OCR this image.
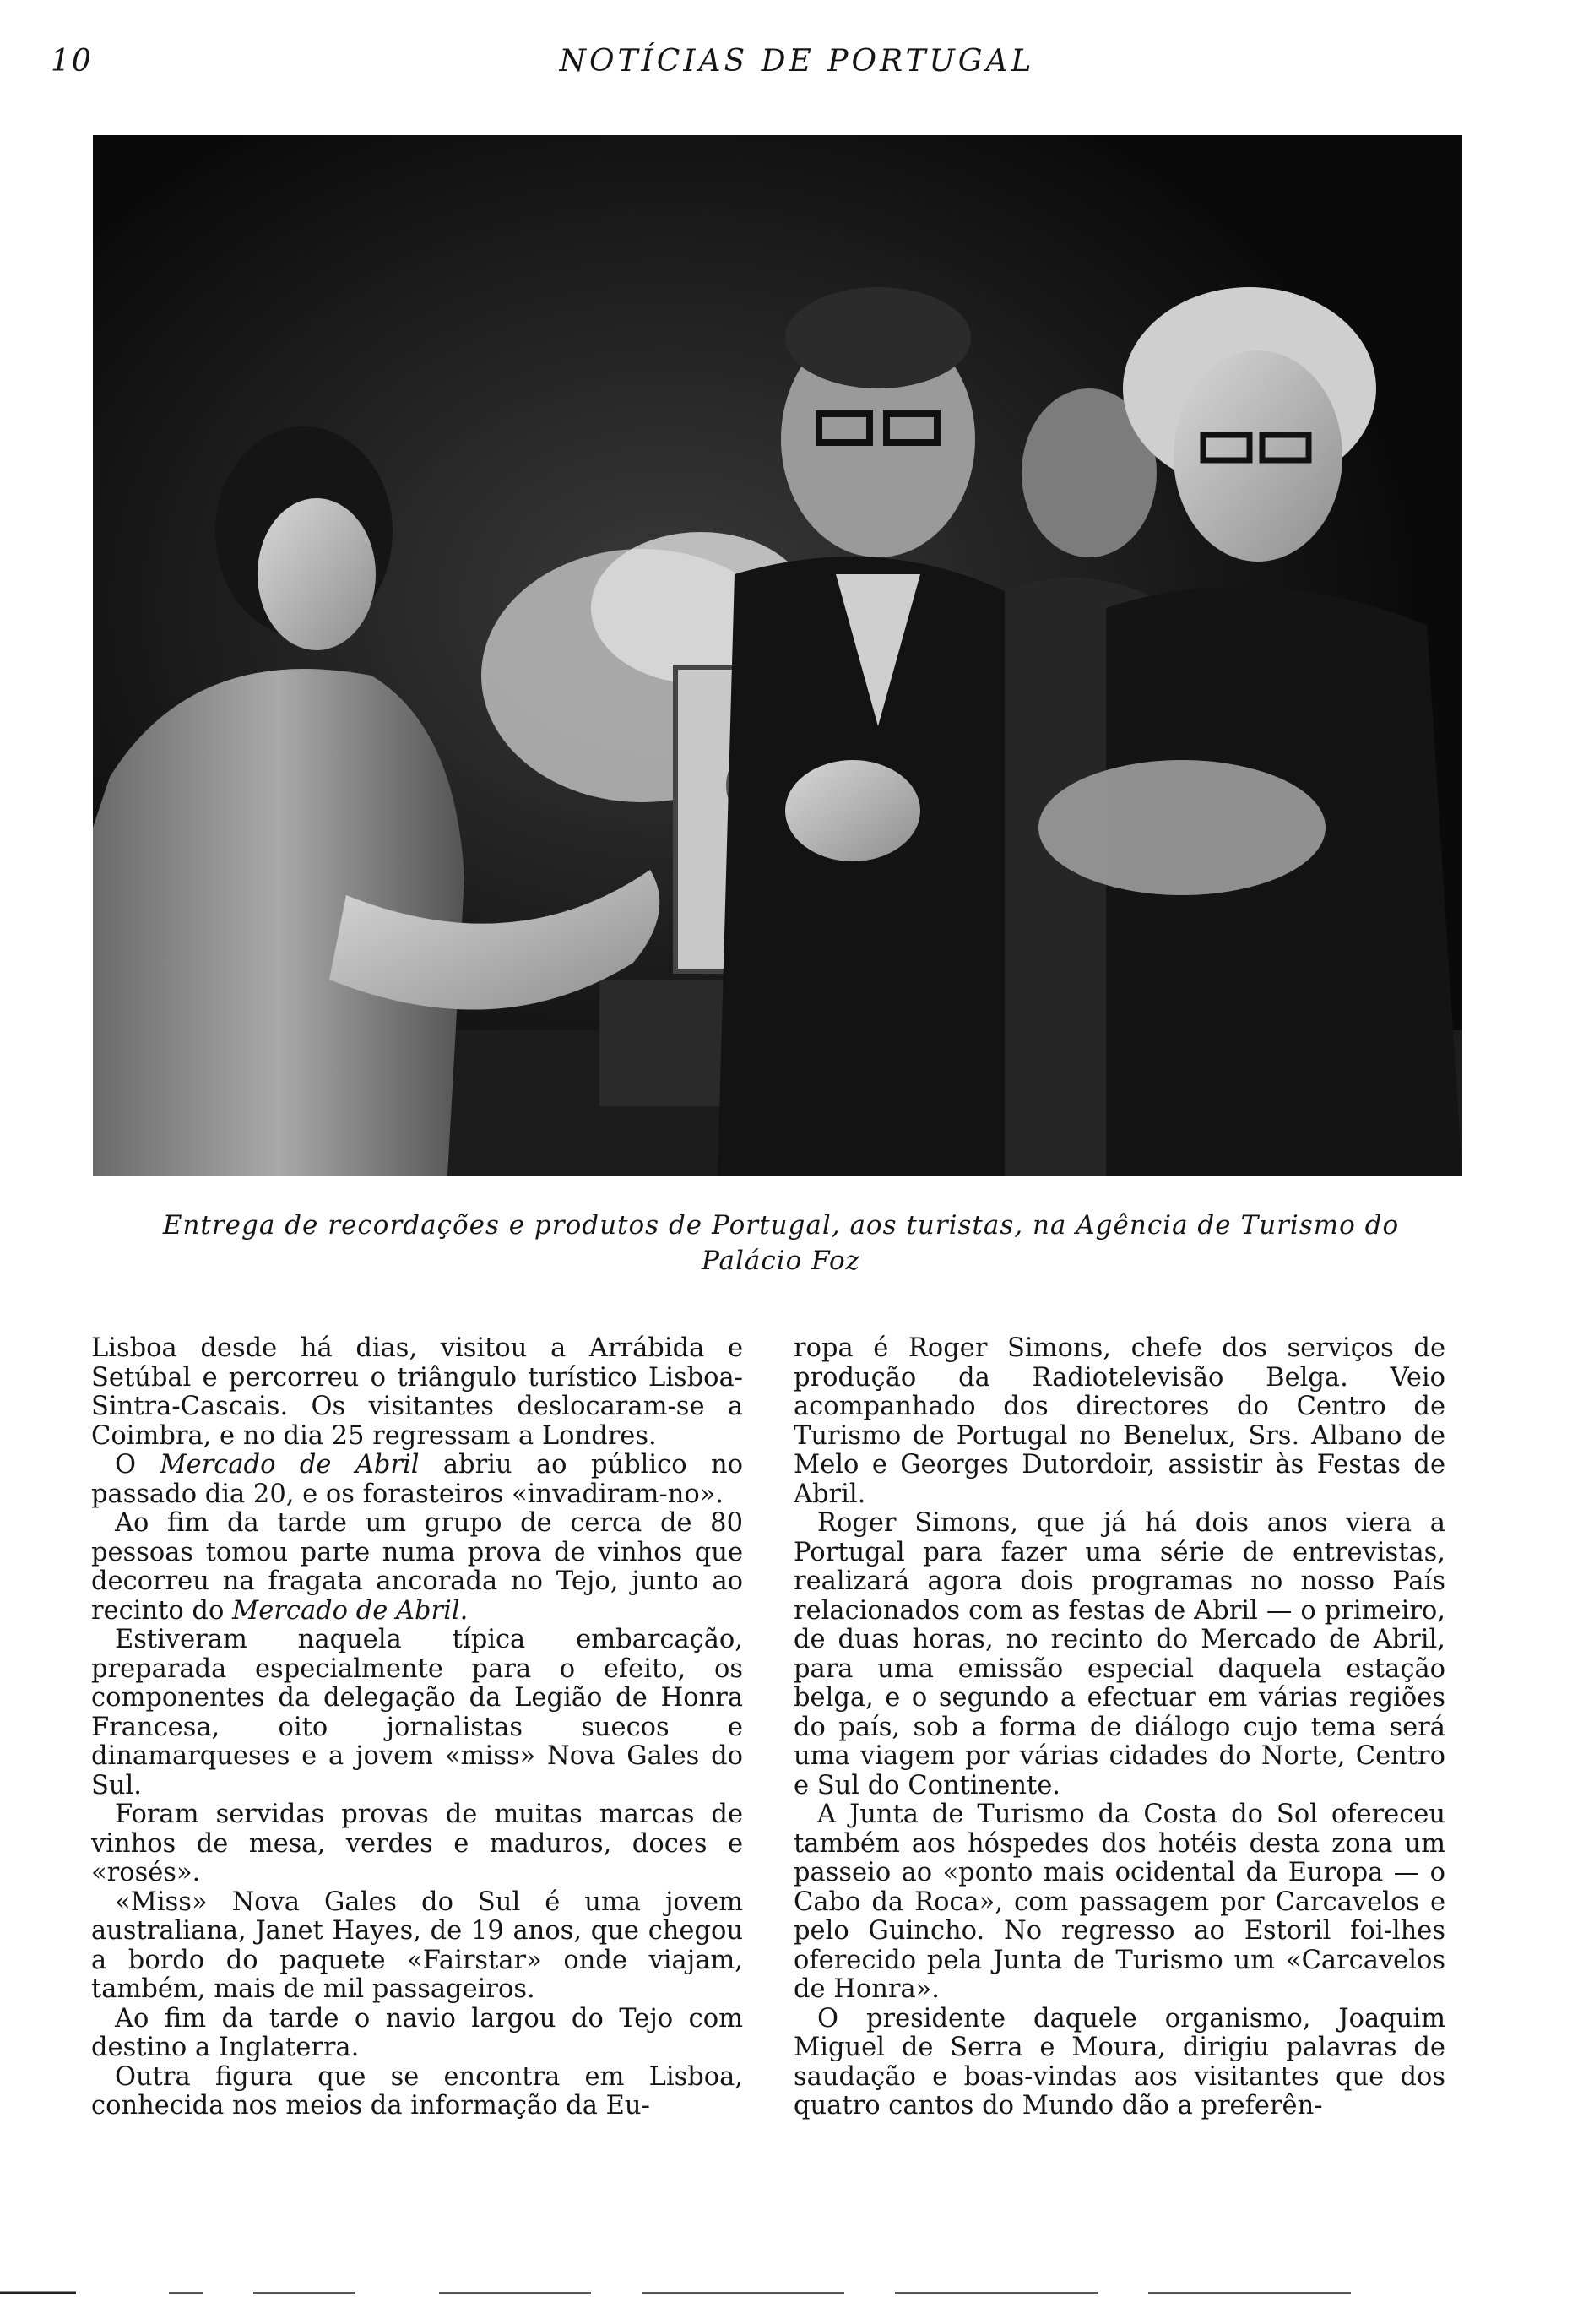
10	NOTÍCIAS DE PORTUGAL
Entrega de recordações e produtos de Portugal, aos turistas, na Agência de Turismo do Palácio Foz

Lisboa desde há dias, visitou a Arrábida e Setúbal e percorreu o triângulo turístico Lisboa-Sintra-Cascais. Os visitantes deslocaram-se a Coimbra, e no dia 25 regressam a Londres.

O Mercado de Abril abriu ao público no passado dia 20, e os forasteiros «invadiram-no».

Ao fim da tarde um grupo de cerca de 80 pessoas tomou parte numa prova de vinhos que decorreu na fragata ancorada no Tejo, junto ao recinto do Mercado de Abril.

Estiveram naquela típica embarcação, preparada especialmente para o efeito, os componentes da delegação da Legião de Honra Francesa, oito jornalistas suecos e dinamarqueses e a jovem «miss» Nova Gales do Sul.

Foram servidas provas de muitas marcas de vinhos de mesa, verdes e maduros, doces e «rosés».

«Miss» Nova Gales do Sul é uma jovem australiana, Janet Hayes, de 19 anos, que chegou a bordo do paquete «Fairstar» onde viajam, também, mais de mil passageiros.

Ao fim da tarde o navio largou do Tejo com destino a Inglaterra.

Outra figura que se encontra em Lisboa, conhecida nos meios da informação da Eu-

ropa é Roger Simons, chefe dos serviços de produção da Radiotelevisão Belga. Veio acompanhado dos directores do Centro de Turismo de Portugal no Benelux, Srs. Albano de Melo e Georges Dutordoir, assistir às Festas de Abril.

Roger Simons, que já há dois anos viera a Portugal para fazer uma série de entrevistas, realizará agora dois programas no nosso País relacionados com as festas de Abril — o primeiro, de duas horas, no recinto do Mercado de Abril, para uma emissão especial daquela estação belga, e o segundo a efectuar em várias regiões do país, sob a forma de diálogo cujo tema será uma viagem por várias cidades do Norte, Centro e Sul do Continente.

A Junta de Turismo da Costa do Sol ofereceu também aos hóspedes dos hotéis desta zona um passeio ao «ponto mais ocidental da Europa — o Cabo da Roca», com passagem por Carcavelos e pelo Guincho. No regresso ao Estoril foi-lhes oferecido pela Junta de Turismo um «Carcavelos de Honra».

O presidente daquele organismo, Joaquim Miguel de Serra e Moura, dirigiu palavras de saudação e boas-vindas aos visitantes que dos quatro cantos do Mundo dão a preferên-
